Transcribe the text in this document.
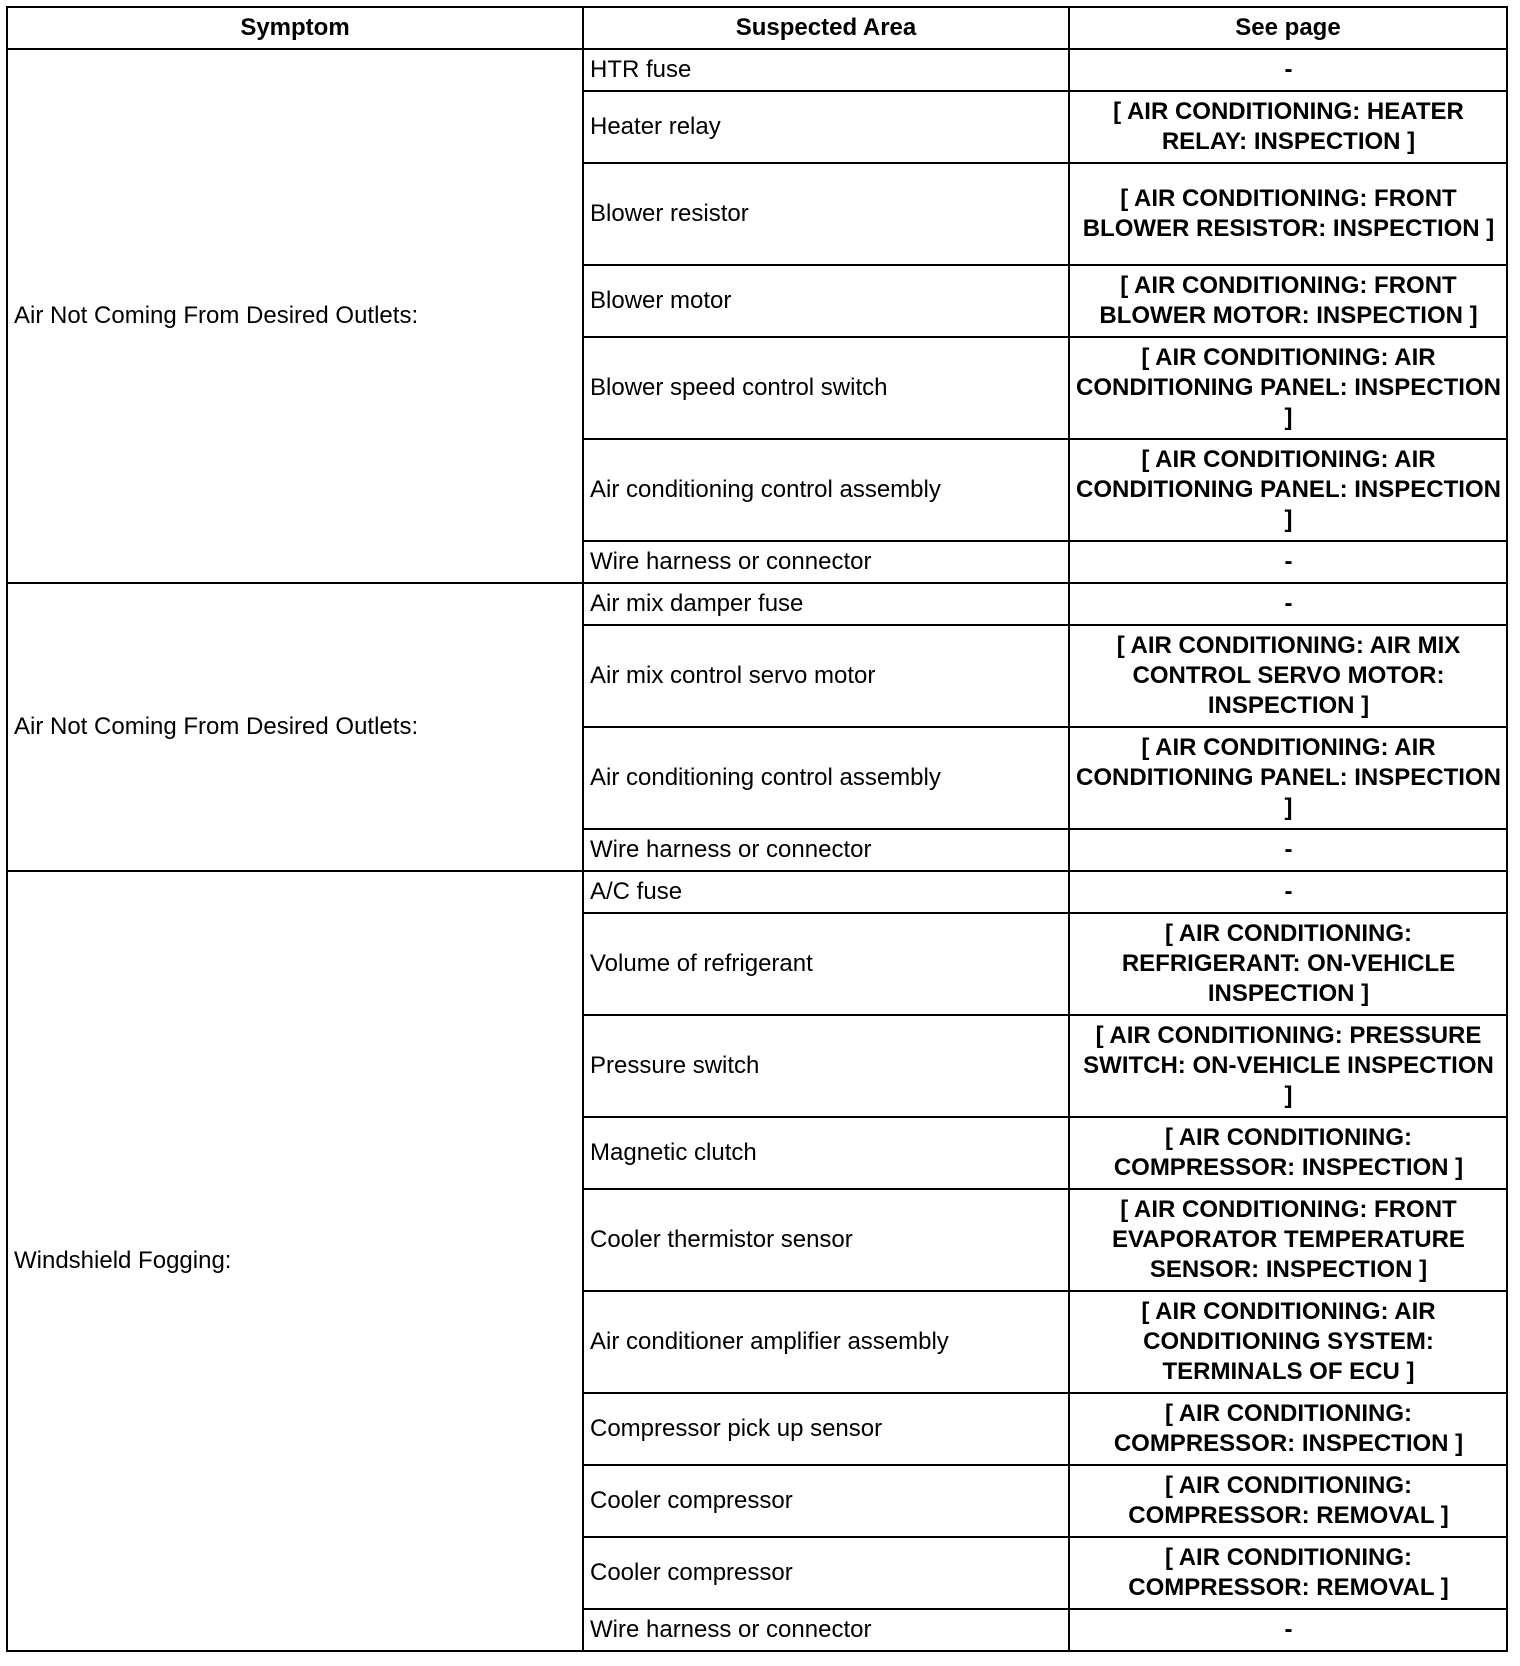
Symptom	Suspected Area	See page
Air Not Coming From Desired Outlets:	HTR fuse	-
	Heater relay	[ AIR CONDITIONING: HEATER RELAY: INSPECTION ]
	Blower resistor	[ AIR CONDITIONING: FRONT BLOWER RESISTOR: INSPECTION ]
	Blower motor	[ AIR CONDITIONING: FRONT BLOWER MOTOR: INSPECTION ]
	Blower speed control switch	[ AIR CONDITIONING: AIR CONDITIONING PANEL: INSPECTION ]
	Air conditioning control assembly	[ AIR CONDITIONING: AIR CONDITIONING PANEL: INSPECTION ]
	Wire harness or connector	-
Air Not Coming From Desired Outlets:	Air mix damper fuse	-
	Air mix control servo motor	[ AIR CONDITIONING: AIR MIX CONTROL SERVO MOTOR: INSPECTION ]
	Air conditioning control assembly	[ AIR CONDITIONING: AIR CONDITIONING PANEL: INSPECTION ]
	Wire harness or connector	-
Windshield Fogging:	A/C fuse	-
	Volume of refrigerant	[ AIR CONDITIONING: REFRIGERANT: ON-VEHICLE INSPECTION ]
	Pressure switch	[ AIR CONDITIONING: PRESSURE SWITCH: ON-VEHICLE INSPECTION ]
	Magnetic clutch	[ AIR CONDITIONING: COMPRESSOR: INSPECTION ]
	Cooler thermistor sensor	[ AIR CONDITIONING: FRONT EVAPORATOR TEMPERATURE SENSOR: INSPECTION ]
	Air conditioner amplifier assembly	[ AIR CONDITIONING: AIR CONDITIONING SYSTEM: TERMINALS OF ECU ]
	Compressor pick up sensor	[ AIR CONDITIONING: COMPRESSOR: INSPECTION ]
	Cooler compressor	[ AIR CONDITIONING: COMPRESSOR: REMOVAL ]
	Cooler compressor	[ AIR CONDITIONING: COMPRESSOR: REMOVAL ]
	Wire harness or connector	-
